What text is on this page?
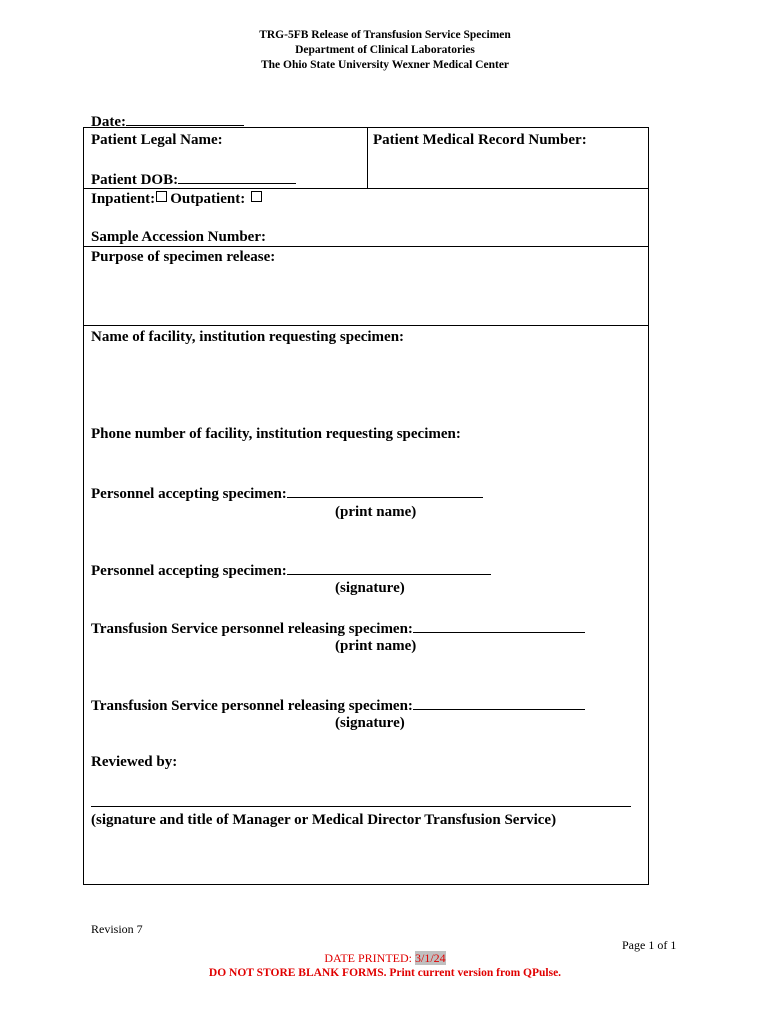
TRG-5FB Release of Transfusion Service Specimen
Department of Clinical Laboratories
The Ohio State University Wexner Medical Center
Date:
Patient Legal Name:	Patient Medical Record Number:
Patient DOB:
Inpatient: Outpatient:
Sample Accession Number:
Purpose of specimen release:
Name of facility, institution requesting specimen:
Phone number of facility, institution requesting specimen:
Personnel accepting specimen:
(print name)
Personnel accepting specimen:
(signature)
Transfusion Service personnel releasing specimen:
(print name)
Transfusion Service personnel releasing specimen:
(signature)
Reviewed by:
(signature and title of Manager or Medical Director Transfusion Service)
Revision 7
Page 1 of 1
DATE PRINTED: 3/1/24
DO NOT STORE BLANK FORMS. Print current version from QPulse.
